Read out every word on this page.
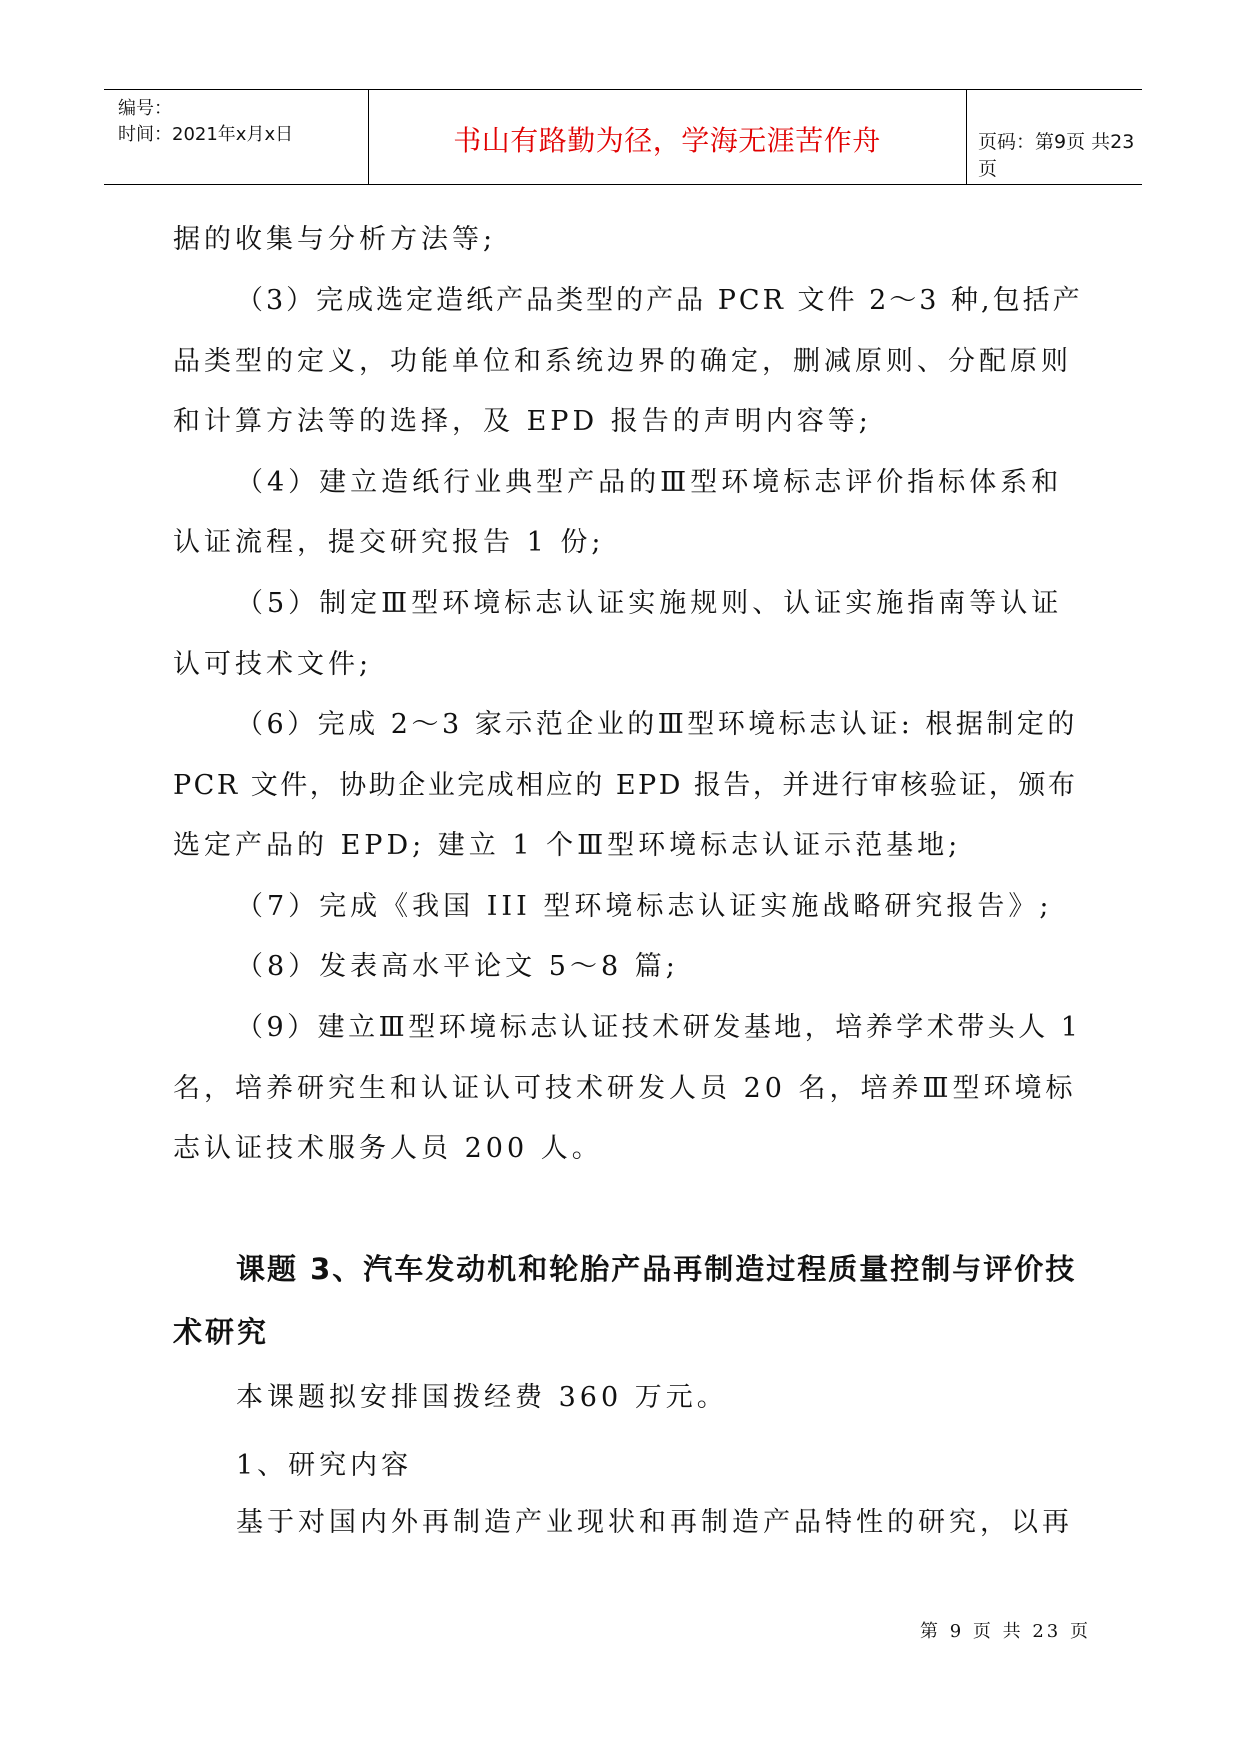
编号：
时间：2021年x月x日	书山有路勤为径，学海无涯苦作舟	页码：第9页 共23页
据的收集与分析方法等;
（3）完成选定造纸产品类型的产品 PCR 文件 2～3 种,包括产
品类型的定义，功能单位和系统边界的确定，删减原则、分配原则
和计算方法等的选择，及 EPD 报告的声明内容等;
（4）建立造纸行业典型产品的Ⅲ型环境标志评价指标体系和
认证流程，提交研究报告 1 份;
（5）制定Ⅲ型环境标志认证实施规则、认证实施指南等认证
认可技术文件;
（6）完成 2～3 家示范企业的Ⅲ型环境标志认证: 根据制定的
PCR 文件，协助企业完成相应的 EPD 报告，并进行审核验证，颁布
选定产品的 EPD; 建立 1 个Ⅲ型环境标志认证示范基地;
（7）完成《我国 III 型环境标志认证实施战略研究报告》;
（8）发表高水平论文 5～8 篇;
（9）建立Ⅲ型环境标志认证技术研发基地，培养学术带头人 1
名，培养研究生和认证认可技术研发人员 20 名，培养Ⅲ型环境标
志认证技术服务人员 200 人。
课题 3、汽车发动机和轮胎产品再制造过程质量控制与评价技
术研究
本课题拟安排国拨经费 360 万元。
1、研究内容
基于对国内外再制造产业现状和再制造产品特性的研究，以再
第 9 页 共 23 页
